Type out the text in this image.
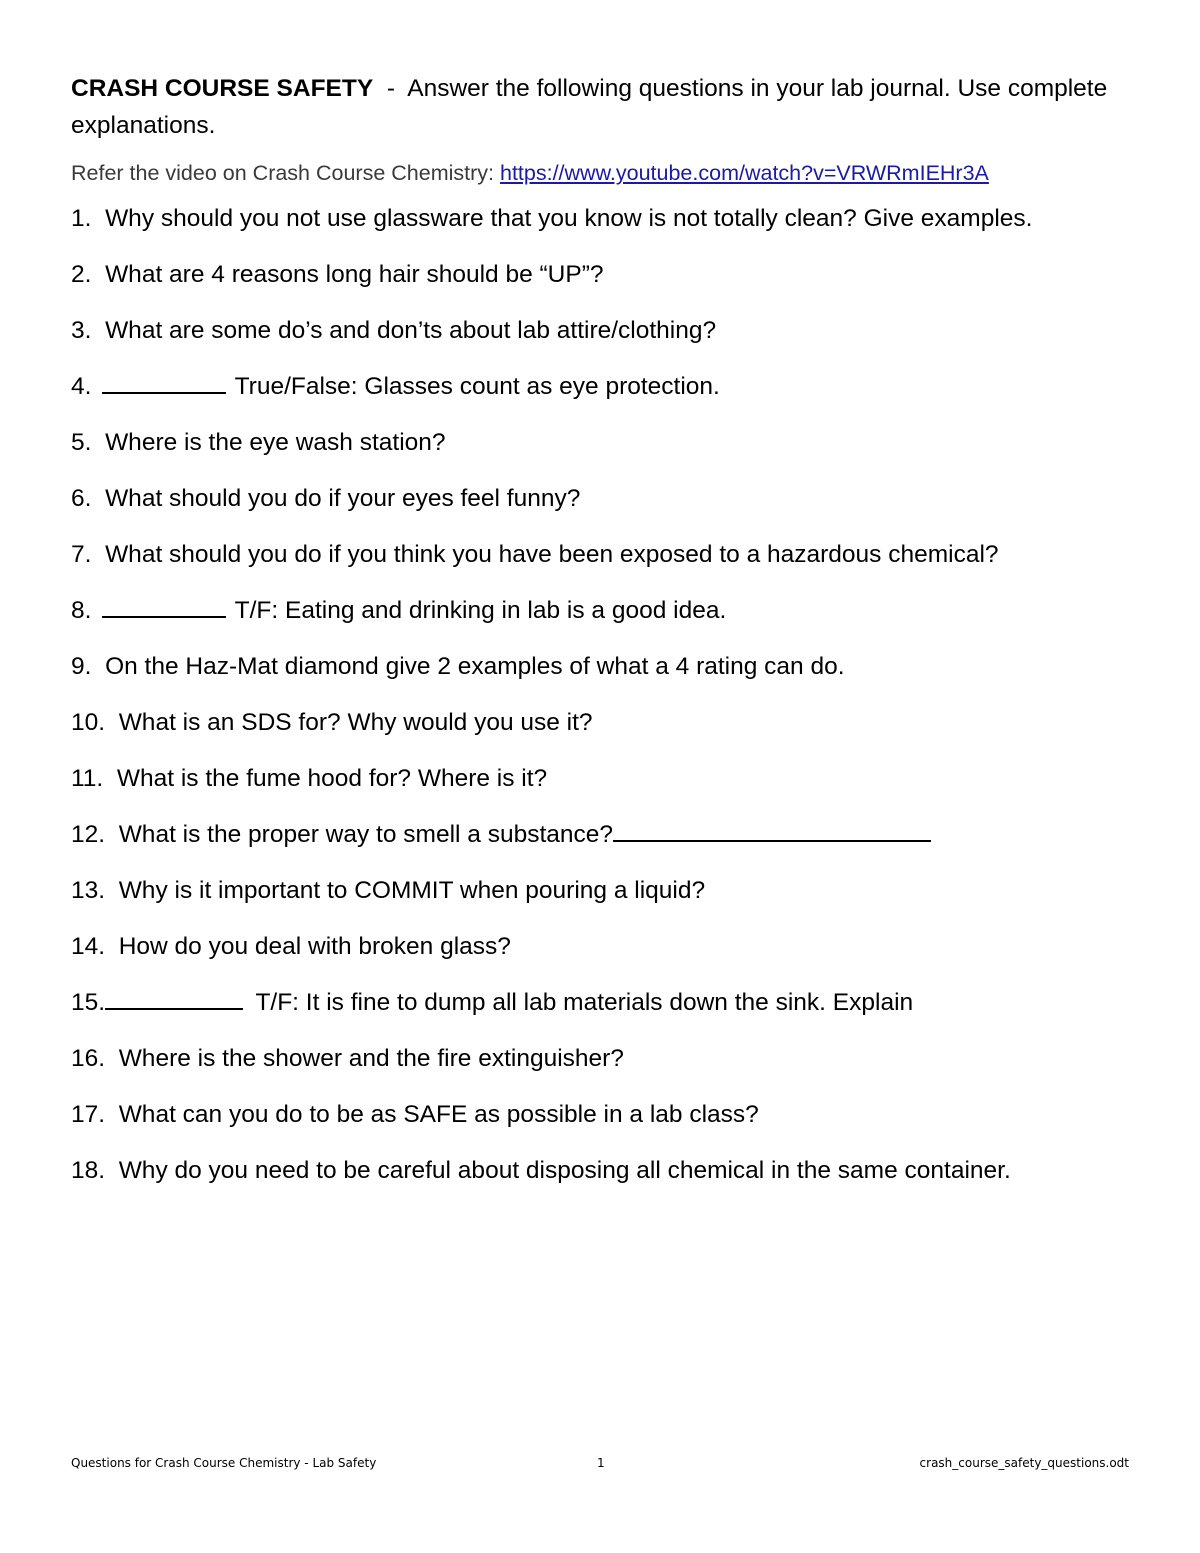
CRASH COURSE SAFETY  -  Answer the following questions in your lab journal. Use complete explanations.

Refer the video on Crash Course Chemistry: https://www.youtube.com/watch?v=VRWRmIEHr3A
1. Why should you not use glassware that you know is not totally clean? Give examples.
2. What are 4 reasons long hair should be “UP”?
3. What are some do’s and don’ts about lab attire/clothing?
4.	True/False: Glasses count as eye protection.
5. Where is the eye wash station?
6. What should you do if your eyes feel funny?
7. What should you do if you think you have been exposed to a hazardous chemical?
8.	T/F: Eating and drinking in lab is a good idea.
9. On the Haz-Mat diamond give 2 examples of what a 4 rating can do.
10. What is an SDS for? Why would you use it?
11. What is the fume hood for? Where is it?
12. What is the proper way to smell a substance?
13. Why is it important to COMMIT when pouring a liquid?
14. How do you deal with broken glass?
15.	T/F: It is fine to dump all lab materials down the sink. Explain
16. Where is the shower and the fire extinguisher?
17. What can you do to be as SAFE as possible in a lab class?
18. Why do you need to be careful about disposing all chemical in the same container.
Questions for Crash Course Chemistry - Lab Safety	1	crash_course_safety_questions.odt
